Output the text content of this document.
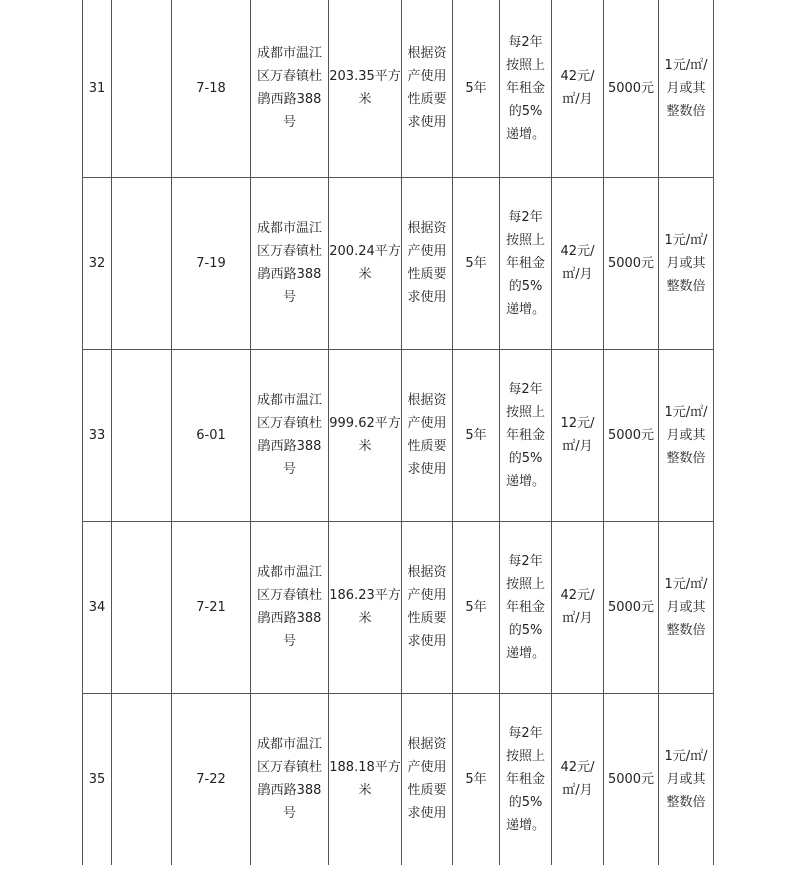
31		7-18	成都市温江区万春镇杜鹃西路388号	203.35平方米	根据资产使用性质要求使用	5年	每2年按照上年租金的5%递增。	42元/㎡/月	5000元	1元/㎡/月或其整数倍
32		7-19	成都市温江区万春镇杜鹃西路388号	200.24平方米	根据资产使用性质要求使用	5年	每2年按照上年租金的5%递增。	42元/㎡/月	5000元	1元/㎡/月或其整数倍
33		6-01	成都市温江区万春镇杜鹃西路388号	999.62平方米	根据资产使用性质要求使用	5年	每2年按照上年租金的5%递增。	12元/㎡/月	5000元	1元/㎡/月或其整数倍
34		7-21	成都市温江区万春镇杜鹃西路388号	186.23平方米	根据资产使用性质要求使用	5年	每2年按照上年租金的5%递增。	42元/㎡/月	5000元	1元/㎡/月或其整数倍
35		7-22	成都市温江区万春镇杜鹃西路388号	188.18平方米	根据资产使用性质要求使用	5年	每2年按照上年租金的5%递增。	42元/㎡/月	5000元	1元/㎡/月或其整数倍
